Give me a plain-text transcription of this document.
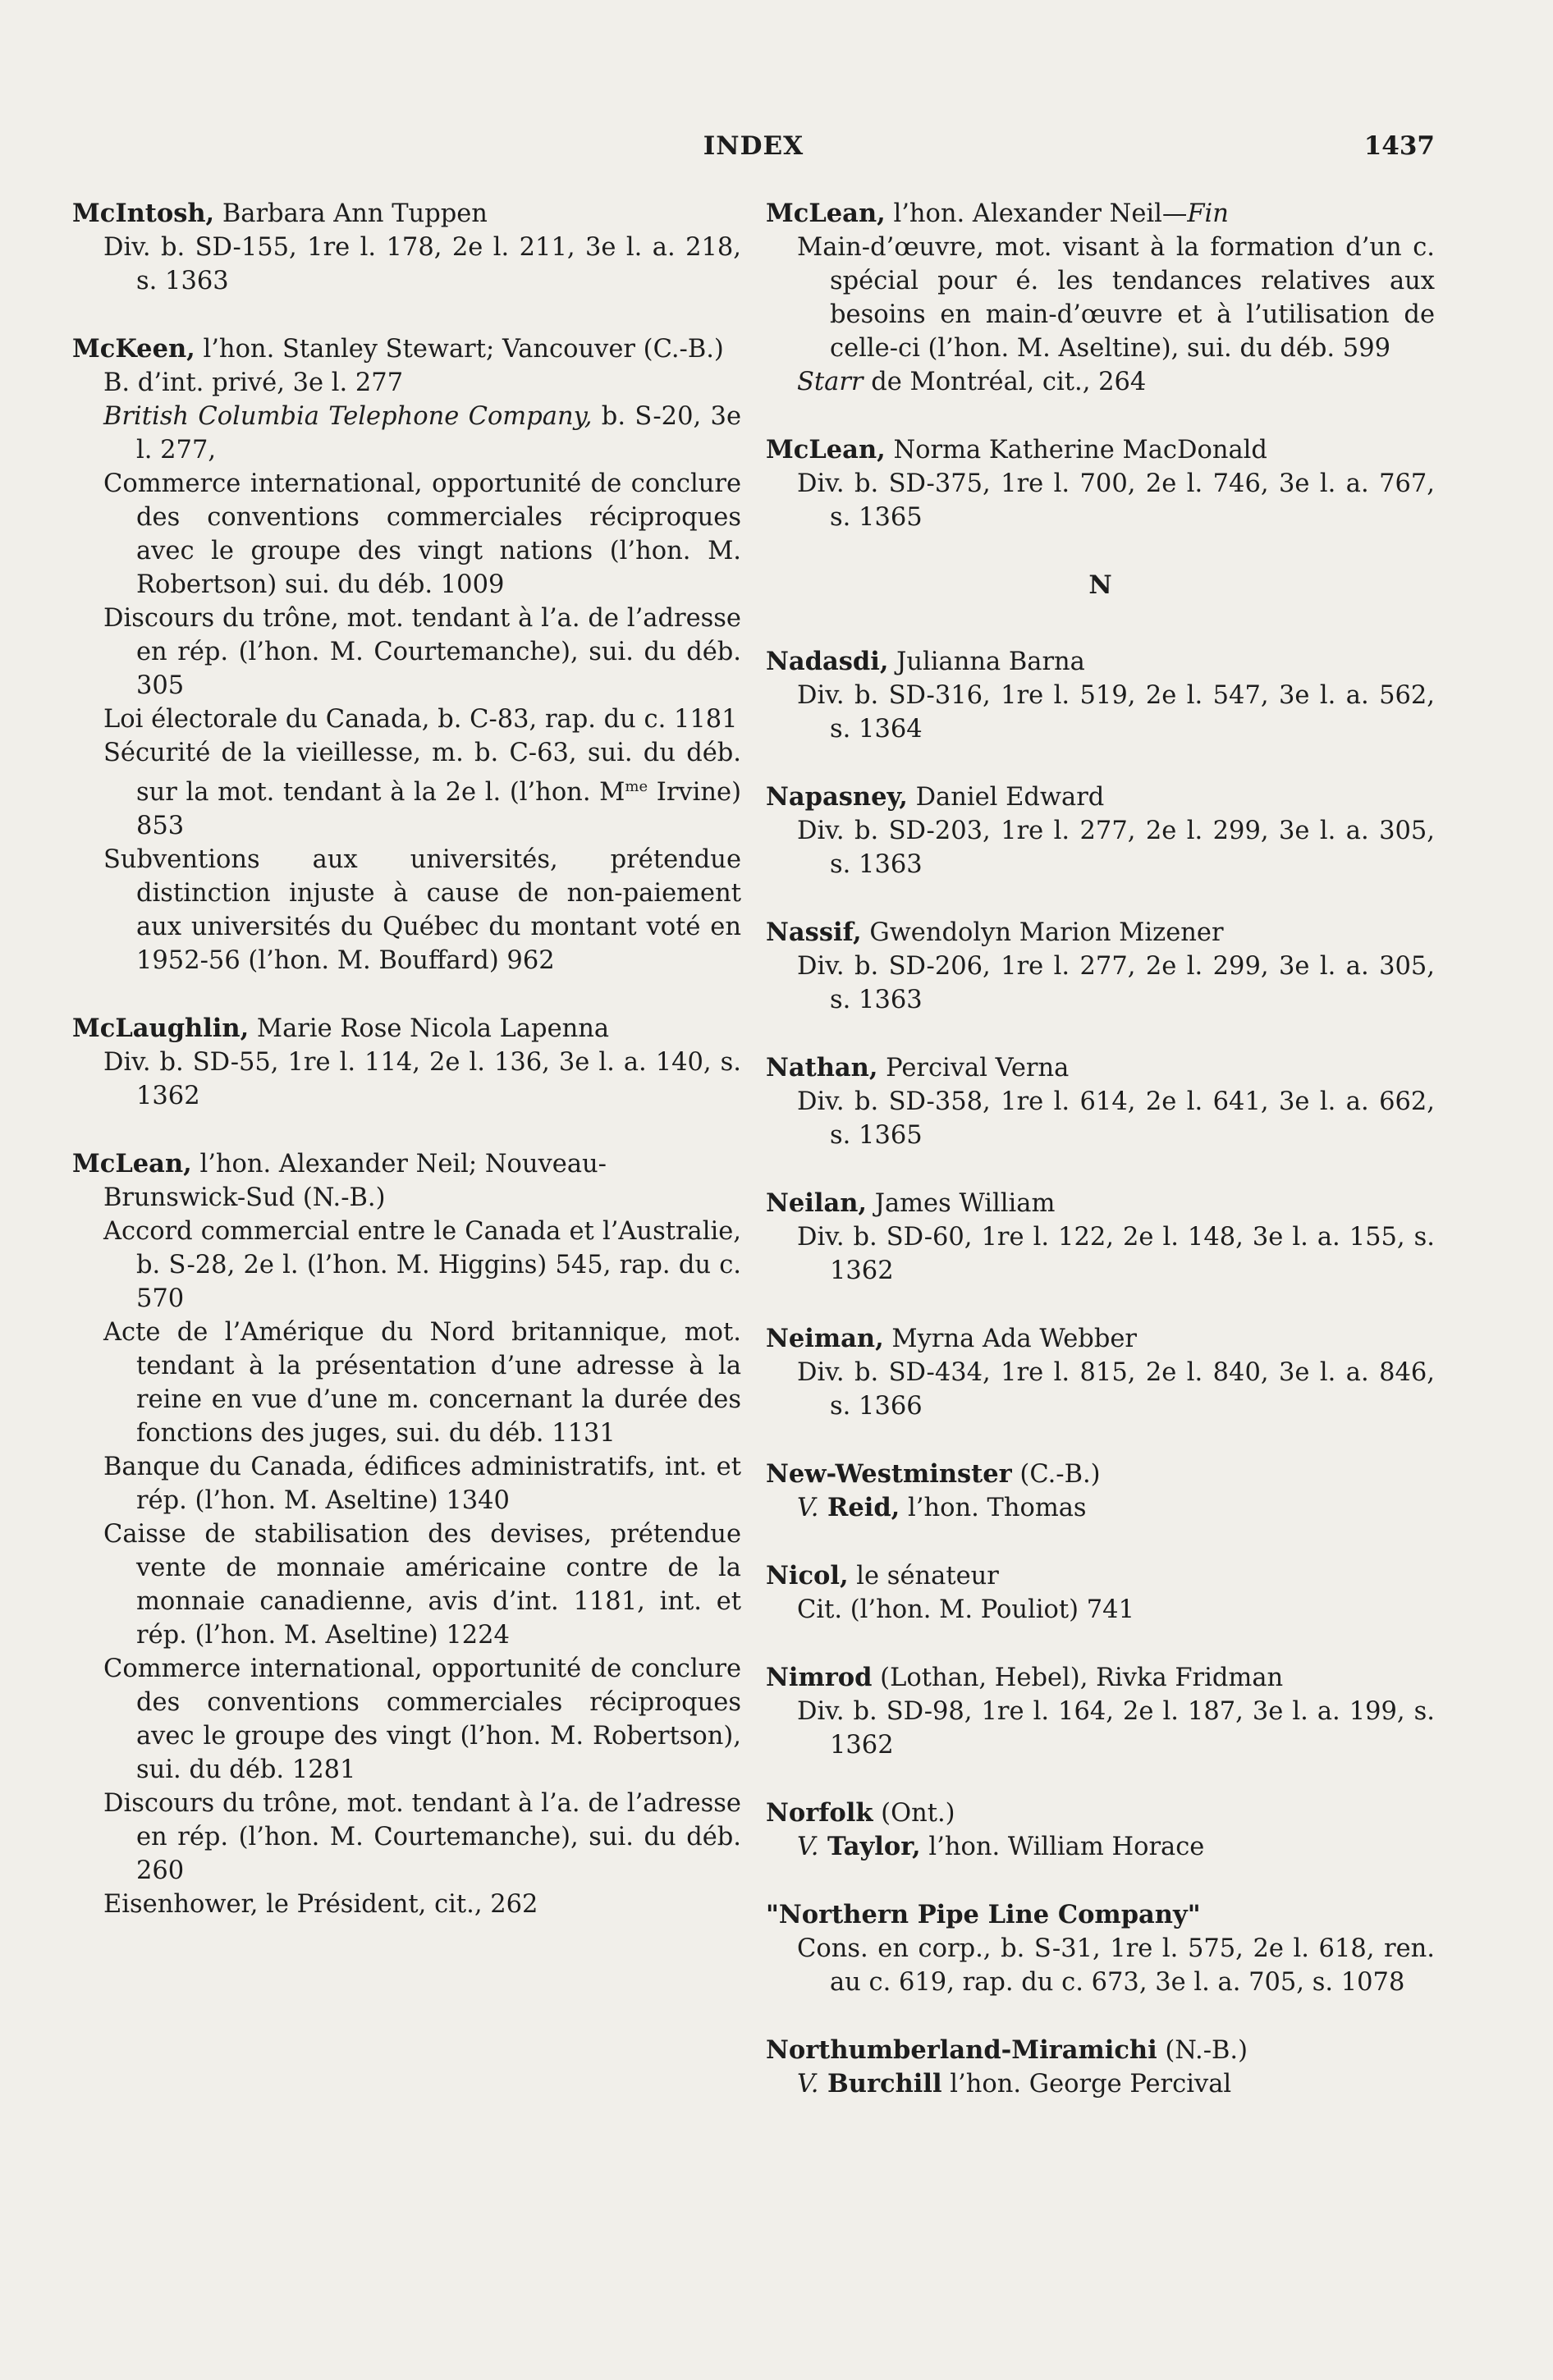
INDEX	1437

McIntosh, Barbara Ann Tuppen

Div. b. SD-155, 1re l. 178, 2e l. 211, 3e l. a. 218, s. 1363

McKeen, l’hon. Stanley Stewart; Vancouver (C.-B.)

B. d’int. privé, 3e l. 277

British Columbia Telephone Company, b. S-20, 3e l. 277,

Commerce international, opportunité de conclure des conventions commerciales réciproques avec le groupe des vingt nations (l’hon. M. Robertson) sui. du déb. 1009

Discours du trône, mot. tendant à l’a. de l’adresse en rép. (l’hon. M. Courtemanche), sui. du déb. 305

Loi électorale du Canada, b. C-83, rap. du c. 1181

Sécurité de la vieillesse, m. b. C-63, sui. du déb. sur la mot. tendant à la 2e l. (l’hon. $M^{me}$ Irvine) 853

Subventions aux universités, prétendue distinction injuste à cause de non-paiement aux universités du Québec du montant voté en 1952-56 (l’hon. M. Bouffard) 962

McLaughlin, Marie Rose Nicola Lapenna

Div. b. SD-55, 1re l. 114, 2e l. 136, 3e l. a. 140, s. 1362

McLean, l’hon. Alexander Neil; Nouveau-Brunswick-Sud (N.-B.)

Accord commercial entre le Canada et l’Australie, b. S-28, 2e l. (l’hon. M. Higgins) 545, rap. du c. 570

Acte de l’Amérique du Nord britannique, mot. tendant à la présentation d’une adresse à la reine en vue d’une m. concernant la durée des fonctions des juges, sui. du déb. 1131

Banque du Canada, édifices administratifs, int. et rép. (l’hon. M. Aseltine) 1340

Caisse de stabilisation des devises, prétendue vente de monnaie américaine contre de la monnaie canadienne, avis d’int. 1181, int. et rép. (l’hon. M. Aseltine) 1224

Commerce international, opportunité de conclure des conventions commerciales réciproques avec le groupe des vingt (l’hon. M. Robertson), sui. du déb. 1281

Discours du trône, mot. tendant à l’a. de l’adresse en rép. (l’hon. M. Courtemanche), sui. du déb. 260

Eisenhower, le Président, cit., 262

McLean, l’hon. Alexander Neil—Fin

Main-d’œuvre, mot. visant à la formation d’un c. spécial pour é. les tendances relatives aux besoins en main-d’œuvre et à l’utilisation de celle-ci (l’hon. M. Aseltine), sui. du déb. 599

Starr de Montréal, cit., 264

McLean, Norma Katherine MacDonald

Div. b. SD-375, 1re l. 700, 2e l. 746, 3e l. a. 767, s. 1365

N

Nadasdi, Julianna Barna

Div. b. SD-316, 1re l. 519, 2e l. 547, 3e l. a. 562, s. 1364

Napasney, Daniel Edward

Div. b. SD-203, 1re l. 277, 2e l. 299, 3e l. a. 305, s. 1363

Nassif, Gwendolyn Marion Mizener

Div. b. SD-206, 1re l. 277, 2e l. 299, 3e l. a. 305, s. 1363

Nathan, Percival Verna

Div. b. SD-358, 1re l. 614, 2e l. 641, 3e l. a. 662, s. 1365

Neilan, James William

Div. b. SD-60, 1re l. 122, 2e l. 148, 3e l. a. 155, s. 1362

Neiman, Myrna Ada Webber

Div. b. SD-434, 1re l. 815, 2e l. 840, 3e l. a. 846, s. 1366

New-Westminster (C.-B.)

V. Reid, l’hon. Thomas

Nicol, le sénateur

Cit. (l’hon. M. Pouliot) 741

Nimrod (Lothan, Hebel), Rivka Fridman

Div. b. SD-98, 1re l. 164, 2e l. 187, 3e l. a. 199, s. 1362

Norfolk (Ont.)

V. Taylor, l’hon. William Horace

"Northern Pipe Line Company"

Cons. en corp., b. S-31, 1re l. 575, 2e l. 618, ren. au c. 619, rap. du c. 673, 3e l. a. 705, s. 1078

Northumberland-Miramichi (N.-B.)

V. Burchill l’hon. George Percival
